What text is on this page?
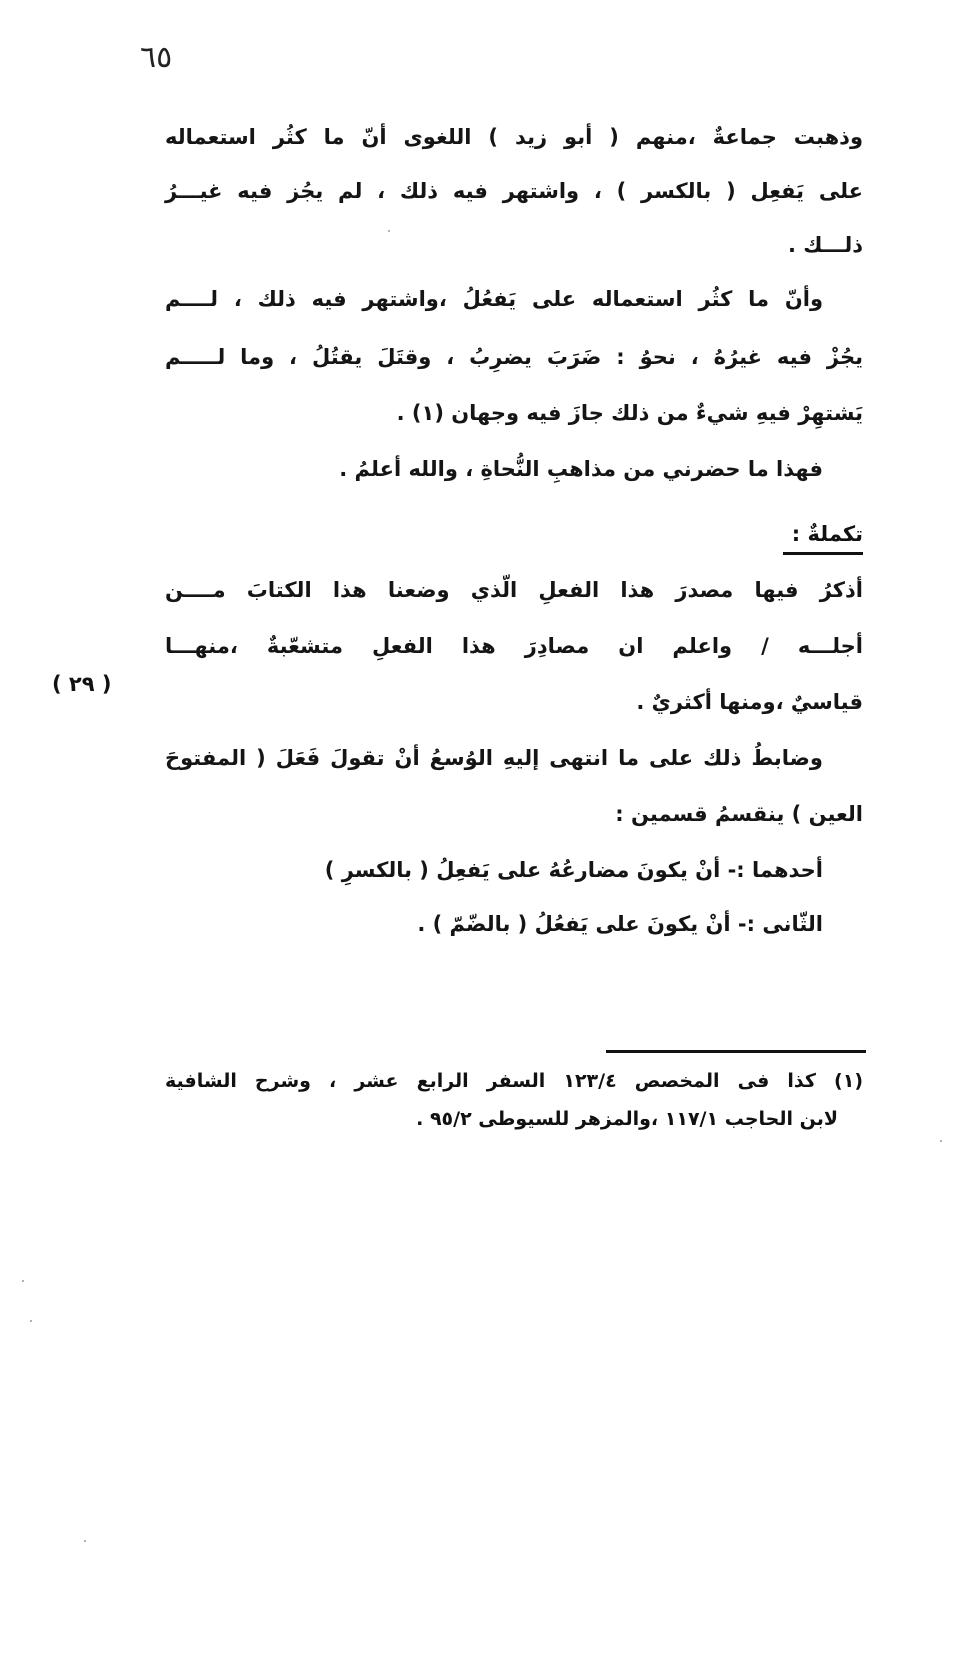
٦٥
وذهبت جماعةٌ ،منهم ( أبو زيد ) اللغوى أنّ ما كثُر استعماله
على يَفعِل ( بالكسر ) ، واشتهر فيه ذلك ، لم يجُز فيه غيـــرُ
ذلـــك .
وأنّ ما كثُر استعماله على يَفعُلُ ،واشتهر فيه ذلك ، لــــم
يجُزْ فيه غيرُهُ ، نحوُ : ضَرَبَ يضرِبُ ، وقتَلَ يقتُلُ ، وما لـــــم
يَشتهِرْ فيهِ شيءٌ من ذلك جازَ فيه وجهان (١) .
فهذا ما حضرني من مذاهبِ النُّحاةِ ، والله أعلمُ .
تكملةٌ :
أذكرُ فيها مصدرَ هذا الفعلِ الّذي وضعنا هذا الكتابَ مــــن
أجلـــه / واعلم ان مصادِرَ هذا الفعلِ متشعّبةٌ ،منهـــا
( ٢٩ )
قياسيٌ ،ومنها أكثريٌ .
وضابطُ ذلك على ما انتهى إليهِ الوُسعُ أنْ تقولَ فَعَلَ ( المفتوحَ
العين ) ينقسمُ قسمين :
أحدهما :- أنْ يكونَ مضارعُهُ على يَفعِلُ ( بالكسرِ )
الثّانى :- أنْ يكونَ على يَفعُلُ ( بالضّمّ ) .
(١) كذا فى المخصص ١٢٣/٤ السفر الرابع عشر ، وشرح الشافية
لابن الحاجب ١١٧/١ ،والمزهر للسيوطى ٩٥/٢ .
